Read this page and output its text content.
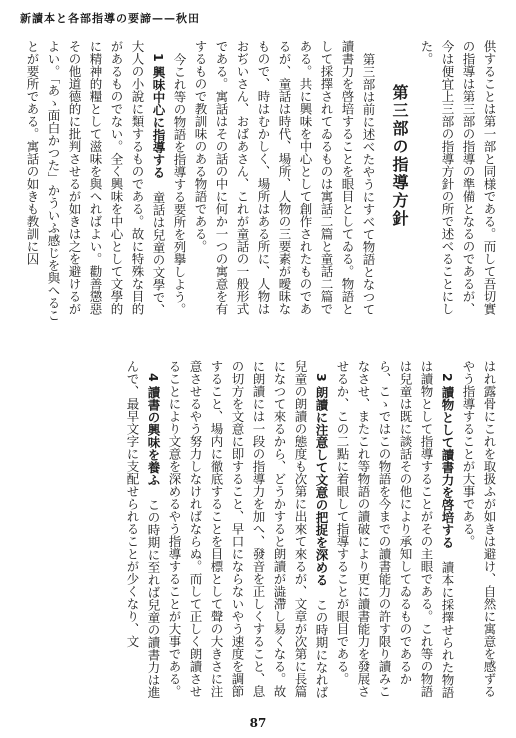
新讀本と各部指導の要諦——秋田

供することは第一部と同様である。而して吾切實の指導は第三部の指導の準備となるのであるが、今は便宜上三部の指導方針の所で述べることにした。

第三部の指導方針

第三部は前に述べたやうにすべて物語となつて讀書力を啓培することを眼目としてゐる。物語として採擇されてゐるものは寓話二篇と童話二篇である。共に興味を中心として創作されたものであるが、童話は時代、場所、人物の三要素が曖昧なもので、時はむかしく、場所はある所に、人物はおぢいさん、おばあさん、これが童話の一般形式である。寓話はその話の中に何か一つの寓意を有するもので教訓味のある物語である。

今これ等の物語を指導する要所を列擧しよう。

1 興味中心に指導する　童話は兒童の文學で、大人の小說に類するものである。故に特殊な目的があるものでない。全く興味を中心として文學的に精神的糧として滋味を與へればよい。勸善懲惡その他道德的に批判させるが如きは之を避けるがよい。「あゝ面白かつた」かういふ感じを與へることが要所である。寓話の如きも教訓に囚

はれ露骨にこれを取扱ふが如きは避け、自然に寓意を感ずるやう指導することが大事である。

2 讀物として讀書力を啓培する　讀本に採擇せられた物語は讀物として指導することがその主眼である。これ等の物語は兒童は既に談話その他により承知してゐるものであるから、こゝではこの物語を今までの讀書能力の許す限り讀みこなさせ、またこれ等物語の讀破により更に讀書能力を發展させるか、この二點に着眼して指導することが眼目である。

3 朗讀に注意して文意の把捉を深める　この時期になれば兒童の朗讀の態度も次第に出來て來るが、文章が次第に長篇になつて來るから、どうかすると朗讀が澁滯し易くなる。故に朗讀には一段の指導力を加へ、發音を正しくすること、息の切方を文意に即すること、早口にならないやう速度を調節すること、場内に徹底することを目標として聲の大きさに注意させるやう努力しなければならぬ。而して正しく朗讀させることにより文意を深めるやう指導することが大事である。

4 讀書の興味を養ふ　この時期に至れば兒童の讀書力は進んで、最早文字に支配せられることが少くなり、文

87
